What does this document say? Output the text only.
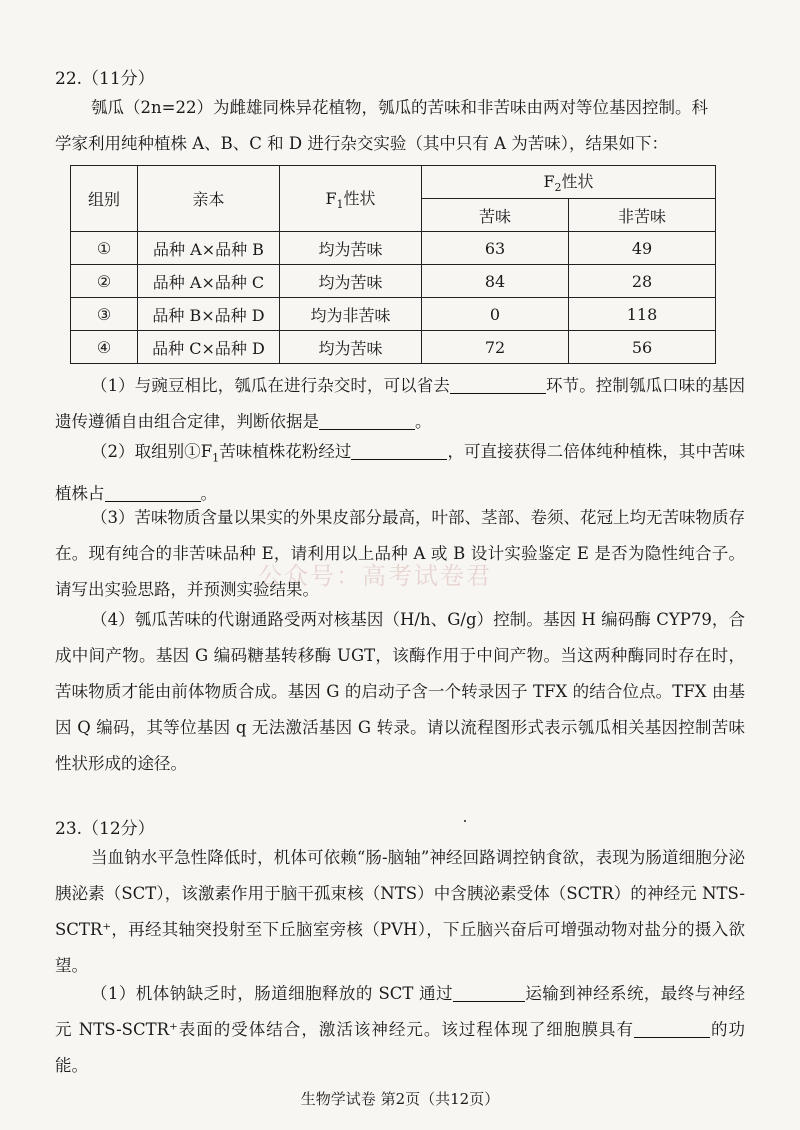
22.（11分）

瓠瓜（2n=22）为雌雄同株异花植物，瓠瓜的苦味和非苦味由两对等位基因控制。科

学家利用纯种植株 A、B、C 和 D 进行杂交实验（其中只有 A 为苦味），结果如下：

组别	亲本	$F_1$性状	$F_2$性状	
			苦味	非苦味
①	品种 A×品种 B	均为苦味	63	49
②	品种 A×品种 C	均为苦味	84	28
③	品种 B×品种 D	均为非苦味	0	118
④	品种 C×品种 D	均为苦味	72	56

（1）与豌豆相比，瓠瓜在进行杂交时，可以省去	环节。控制瓠瓜口味的基因遗传遵循自由组合定律，判断依据是	。

（2）取组别$①F_1$苦味植株花粉经过	，可直接获得二倍体纯种植株，其中苦味植株占	。

（3）苦味物质含量以果实的外果皮部分最高，叶部、茎部、卷须、花冠上均无苦味物质存在。现有纯合的非苦味品种 E，请利用以上品种 A 或 B 设计实验鉴定 E 是否为隐性纯合子。请写出实验思路，并预测实验结果。

公众号：高考试卷君

（4）瓠瓜苦味的代谢通路受两对核基因（H/h、G/g）控制。基因 H 编码酶 CYP79，合成中间产物。基因 G 编码糖基转移酶 UGT，该酶作用于中间产物。当这两种酶同时存在时，苦味物质才能由前体物质合成。基因 G 的启动子含一个转录因子 TFX 的结合位点。TFX 由基因 Q 编码，其等位基因 q 无法激活基因 G 转录。请以流程图形式表示瓠瓜相关基因控制苦味性状形成的途径。

23.（12分）

当血钠水平急性降低时，机体可依赖“肠-脑轴”神经回路调控钠食欲，表现为肠道细胞分泌胰泌素（SCT），该激素作用于脑干孤束核（NTS）中含胰泌素受体（SCTR）的神经元 NTS-SCTR⁺，再经其轴突投射至下丘脑室旁核（PVH），下丘脑兴奋后可增强动物对盐分的摄入欲望。

（1）机体钠缺乏时，肠道细胞释放的 SCT 通过	运输到神经系统，最终与神经元 NTS-SCTR⁺表面的受体结合，激活该神经元。该过程体现了细胞膜具有	的功能。

生物学试卷 第2页（共12页）
